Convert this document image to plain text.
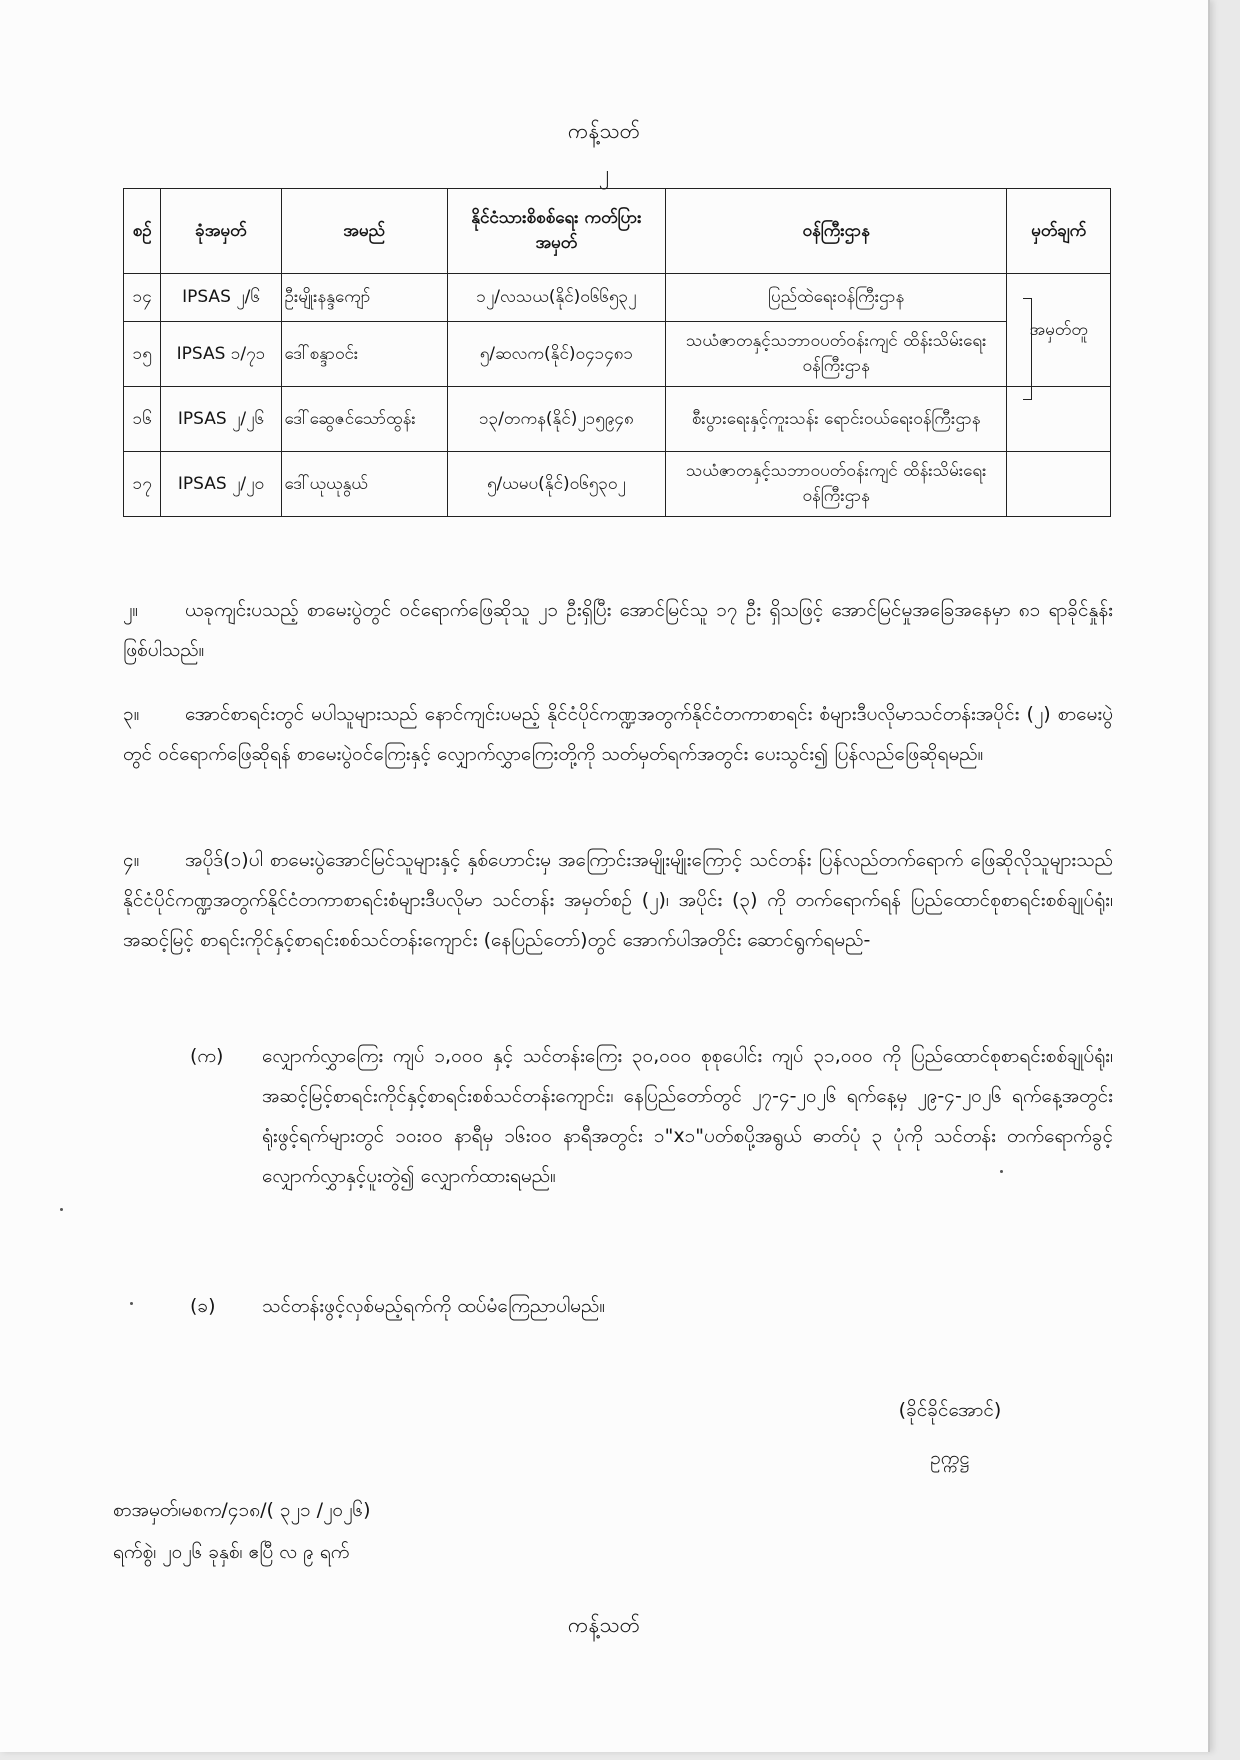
ကန့်သတ်
၂
စဉ်	ခုံအမှတ်	အမည်	နိုင်ငံသားစိစစ်ရေး ကတ်ပြားအမှတ်	ဝန်ကြီးဌာန	မှတ်ချက်
၁၄	IPSAS ၂/၆	ဦးမျိုးနန္ဒကျော်	၁၂/လသယ(နိုင်)၀၆၆၅၃၂	ပြည်ထဲရေးဝန်ကြီးဌာန	အမှတ်တူ
၁၅	IPSAS ၁/၇၁	ဒေါ်စန္ဒာဝင်း	၅/ဆလက(နိုင်)၀၄၁၄၈၁	သယံဇာတနှင့်သဘာဝပတ်ဝန်းကျင် ထိန်းသိမ်းရေးဝန်ကြီးဌာန	
၁၆	IPSAS ၂/၂၆	ဒေါ်ဆွေဇင်သော်ထွန်း	၁၃/တကန(နိုင်)၂၁၅၉၄၈	စီးပွားရေးနှင့်ကူးသန်း ရောင်းဝယ်ရေးဝန်ကြီးဌာန	
၁၇	IPSAS ၂/၂၀	ဒေါ်ယုယုနွယ်	၅/ယမပ(နိုင်)၀၆၅၃၀၂	သယံဇာတနှင့်သဘာဝပတ်ဝန်းကျင် ထိန်းသိမ်းရေးဝန်ကြီးဌာန	
၂။ ယခုကျင်းပသည့် စာမေးပွဲတွင် ဝင်ရောက်ဖြေဆိုသူ ၂၁ ဦးရှိပြီး အောင်မြင်သူ ၁၇ ဦး ရှိသဖြင့် အောင်မြင်မှုအခြေအနေမှာ ၈၁ ရာခိုင်နှုန်း ဖြစ်ပါသည်။
၃။ အောင်စာရင်းတွင် မပါသူများသည် နောင်ကျင်းပမည့် နိုင်ငံပိုင်ကဏ္ဍအတွက်နိုင်ငံတကာစာရင်း စံများဒီပလိုမာသင်တန်းအပိုင်း (၂) စာမေးပွဲတွင် ဝင်ရောက်ဖြေဆိုရန် စာမေးပွဲဝင်ကြေးနှင့် လျှောက်လွှာကြေးတို့ကို သတ်မှတ်ရက်အတွင်း ပေးသွင်း၍ ပြန်လည်ဖြေဆိုရမည်။
၄။ အပိုဒ်(၁)ပါ စာမေးပွဲအောင်မြင်သူများနှင့် နှစ်ဟောင်းမှ အကြောင်းအမျိုးမျိုးကြောင့် သင်တန်း ပြန်လည်တက်ရောက် ဖြေဆိုလိုသူများသည် နိုင်ငံပိုင်ကဏ္ဍအတွက်နိုင်ငံတကာစာရင်းစံများဒီပလိုမာ သင်တန်း အမှတ်စဉ် (၂)၊ အပိုင်း (၃) ကို တက်ရောက်ရန် ပြည်ထောင်စုစာရင်းစစ်ချုပ်ရုံး၊ အဆင့်မြင့် စာရင်းကိုင်နှင့်စာရင်းစစ်သင်တန်းကျောင်း (နေပြည်တော်)တွင် အောက်ပါအတိုင်း ဆောင်ရွက်ရမည်-
(က)	လျှောက်လွှာကြေး ကျပ် ၁,၀၀၀ နှင့် သင်တန်းကြေး ၃၀,၀၀၀ စုစုပေါင်း ကျပ် ၃၁,၀၀၀ ကို ပြည်ထောင်စုစာရင်းစစ်ချုပ်ရုံး၊ အဆင့်မြင့်စာရင်းကိုင်နှင့်စာရင်းစစ်သင်တန်းကျောင်း၊ နေပြည်တော်တွင် ၂၇-၄-၂၀၂၆ ရက်နေ့မှ ၂၉-၄-၂၀၂၆ ရက်နေ့အတွင်း ရုံးဖွင့်ရက်များတွင် ၁၀း၀၀ နာရီမှ ၁၆း၀၀ နာရီအတွင်း ၁"x၁"ပတ်စပို့အရွယ် ဓာတ်ပုံ ၃ ပုံကို သင်တန်း တက်ရောက်ခွင့်လျှောက်လွှာနှင့်ပူးတွဲ၍ လျှောက်ထားရမည်။
(ခ)	သင်တန်းဖွင့်လှစ်မည့်ရက်ကို ထပ်မံကြေညာပါမည်။
(ခိုင်ခိုင်အောင်)
ဥက္ကဋ္ဌ
စာအမှတ်၊မစက/၄၁၈/( ၃၂၁ /၂၀၂၆)
ရက်စွဲ၊ ၂၀၂၆ ခုနှစ်၊ ဧပြီ လ ၉ ရက်
ကန့်သတ်
